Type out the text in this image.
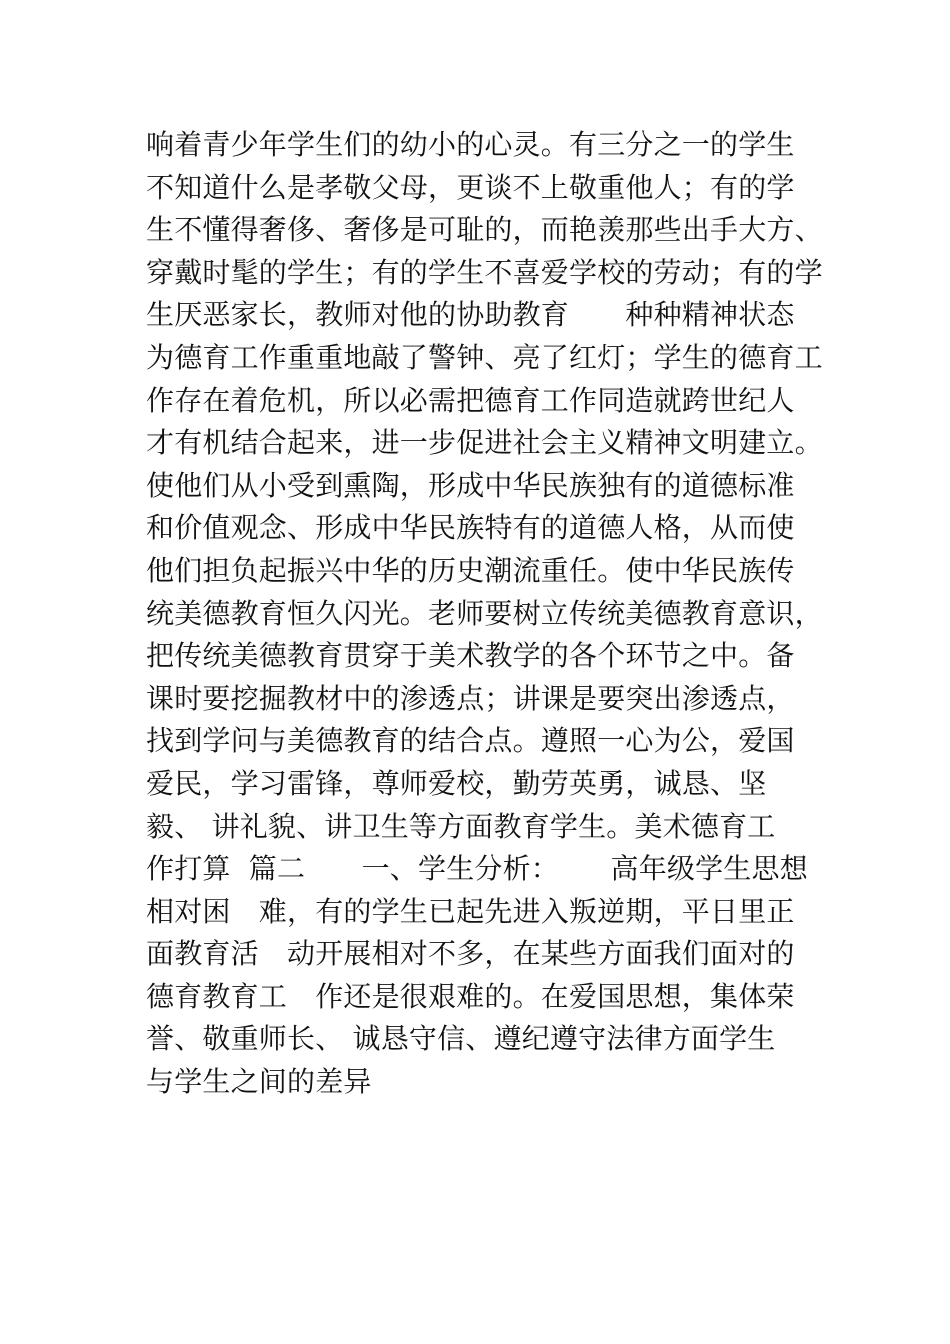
响着青少年学生们的幼小的心灵。有三分之一的学生
不知道什么是孝敬父母，更谈不上敬重他人；有的学
生不懂得奢侈、奢侈是可耻的，而艳羡那些出手大方、
穿戴时髦的学生；有的学生不喜爱学校的劳动；有的学
生厌恶家长，教师对他的协助教育　　种种精神状态
为德育工作重重地敲了警钟、亮了红灯；学生的德育工
作存在着危机，所以必需把德育工作同造就跨世纪人
才有机结合起来，进一步促进社会主义精神文明建立。
使他们从小受到熏陶，形成中华民族独有的道德标准
和价值观念、形成中华民族特有的道德人格，从而使
他们担负起振兴中华的历史潮流重任。使中华民族传
统美德教育恒久闪光。老师要树立传统美德教育意识，
把传统美德教育贯穿于美术教学的各个环节之中。备
课时要挖掘教材中的渗透点；讲课是要突出渗透点，
找到学问与美德教育的结合点。遵照一心为公，爱国
爱民，学习雷锋，尊师爱校，勤劳英勇，诚恳、坚
毅、 讲礼貌、讲卫生等方面教育学生。美术德育工
作打算  篇二　　一、学生分析：　　 高年级学生思想
相对困　难，有的学生已起先进入叛逆期，平日里正
面教育活　动开展相对不多，在某些方面我们面对的
德育教育工　作还是很艰难的。在爱国思想，集体荣
誉、敬重师长、 诚恳守信、遵纪遵守法律方面学生
与学生之间的差异
